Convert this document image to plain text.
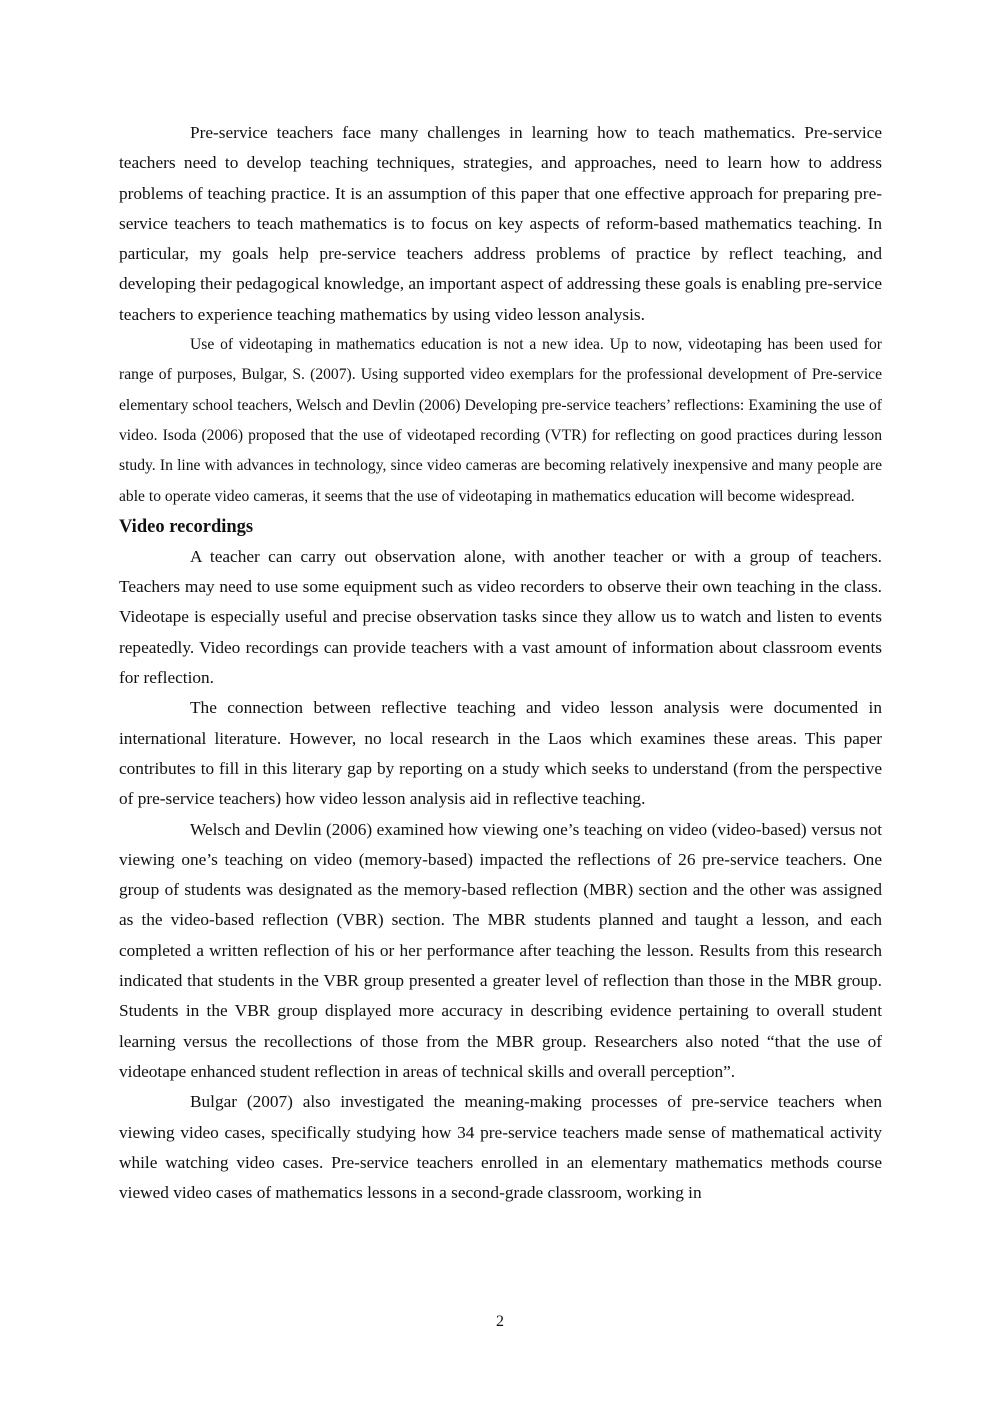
Pre-service teachers face many challenges in learning how to teach mathematics. Pre-service teachers need to develop teaching techniques, strategies, and approaches, need to learn how to address problems of teaching practice. It is an assumption of this paper that one effective approach for preparing pre-service teachers to teach mathematics is to focus on key aspects of reform-based mathematics teaching. In particular, my goals help pre-service teachers address problems of practice by reflect teaching, and developing their pedagogical knowledge, an important aspect of addressing these goals is enabling pre-service teachers to experience teaching mathematics by using video lesson analysis.

Use of videotaping in mathematics education is not a new idea. Up to now, videotaping has been used for range of purposes, Bulgar, S. (2007). Using supported video exemplars for the professional development of Pre-service elementary school teachers, Welsch and Devlin (2006) Developing pre-service teachers’ reflections: Examining the use of video. Isoda (2006) proposed that the use of videotaped recording (VTR) for reflecting on good practices during lesson study. In line with advances in technology, since video cameras are becoming relatively inexpensive and many people are able to operate video cameras, it seems that the use of videotaping in mathematics education will become widespread.

Video recordings

A teacher can carry out observation alone, with another teacher or with a group of teachers. Teachers may need to use some equipment such as video recorders to observe their own teaching in the class. Videotape is especially useful and precise observation tasks since they allow us to watch and listen to events repeatedly. Video recordings can provide teachers with a vast amount of information about classroom events for reflection.

The connection between reflective teaching and video lesson analysis were documented in international literature. However, no local research in the Laos which examines these areas. This paper contributes to fill in this literary gap by reporting on a study which seeks to understand (from the perspective of pre-service teachers) how video lesson analysis aid in reflective teaching.

Welsch and Devlin (2006) examined how viewing one’s teaching on video (video-based) versus not viewing one’s teaching on video (memory-based) impacted the reflections of 26 pre-service teachers. One group of students was designated as the memory-based reflection (MBR) section and the other was assigned as the video-based reflection (VBR) section. The MBR students planned and taught a lesson, and each completed a written reflection of his or her performance after teaching the lesson. Results from this research indicated that students in the VBR group presented a greater level of reflection than those in the MBR group. Students in the VBR group displayed more accuracy in describing evidence pertaining to overall student learning versus the recollections of those from the MBR group. Researchers also noted “that the use of videotape enhanced student reflection in areas of technical skills and overall perception”.

Bulgar (2007) also investigated the meaning-making processes of pre-service teachers when viewing video cases, specifically studying how 34 pre-service teachers made sense of mathematical activity while watching video cases. Pre-service teachers enrolled in an elementary mathematics methods course viewed video cases of mathematics lessons in a second-grade classroom, working in

2
